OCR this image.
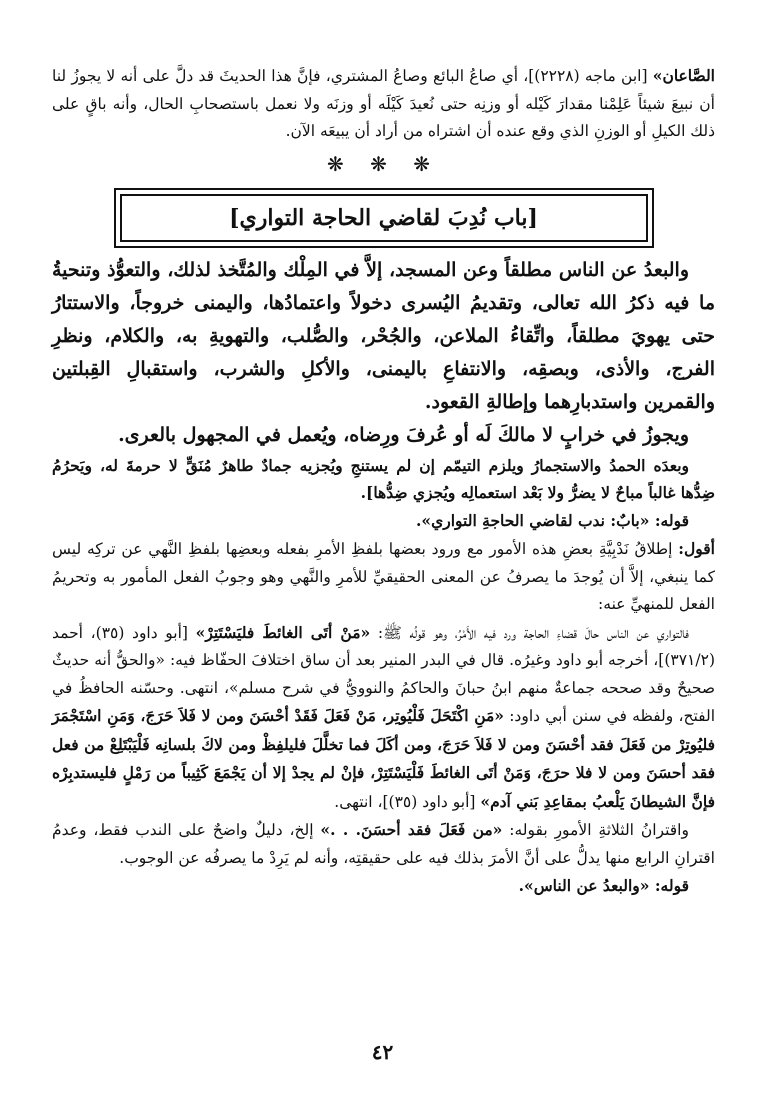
الصَّاعان» [ابن ماجه (٢٢٢٨)]، أي صاعُ البائع وصاعُ المشتري، فإنَّ هذا الحديثَ قد دلَّ على أنه لا يجوزُ لنا أن نبيعَ شيئاً عَلِمْنا مقدارَ كَيْله أو وزنِه حتى نُعيدَ كَيْلَه أو وزنَه ولا نعمل باستصحابِ الحال، وأنه باقٍ على ذلك الكيلِ أو الوزنِ الذي وقع عنده أن اشتراه من أراد أن يبيعَه الآن.

❋ ❋ ❋
[باب نُدِبَ لقاضي الحاجة التواري]

والبعدُ عن الناس مطلقاً وعن المسجد، إلاَّ في المِلْك والمُتَّخذ لذلك، والتعوُّذ وتنحيةُ ما فيه ذكرُ الله تعالى، وتقديمُ اليُسرى دخولاً واعتمادُها، واليمنى خروجاً، والاستتارُ حتى يهويَ مطلقاً، واتِّقاءُ الملاعن، والجُحْر، والصُّلب، والتهويةِ به، والكلام، ونظرِ الفرج، والأذى، وبصقِه، والانتفاعِ باليمنى، والأكلِ والشرب، واستقبالِ القِبلتين والقمرين واستدبارِهما وإطالةِ القعود.

ويجوزُ في خرابٍ لا مالكَ لَه أو عُرفَ ورِضاه، ويُعمل في المجهول بالعرى.

وبعدَه الحمدُ والاستجمارُ ويلزم التيمّم إن لم يستنجِ ويُجزيه جمادٌ طاهرٌ مُنَقٍّ لا حرمةَ له، ويَحرُمُ ضِدُّها غالباً مباحٌ لا يضرُّ ولا بَعْد استعمالِه ويُجزي ضِدُّها].

قوله: «بابٌ: ندب لقاضي الحاجةِ التواري».

أقول: إطلاقُ نَدْبِيَّةِ بعضِ هذه الأمور مع ورود بعضها بلفظِ الأمرِ بفعله وبعضِها بلفظِ النَّهي عن تركِه ليس كما ينبغي، إلاَّ أن يُوجدَ ما يصرفُ عن المعنى الحقيقيِّ للأمرِ والنَّهي وهو وجوبُ الفعل المأمور به وتحريمُ الفعل للمنهيِّ عنه:

فالتواري عن الناس حالَ قضاءِ الحاجة ورد فيه الأَمْرُ، وهو قولُه ﷺ: «مَنْ أتَى الغائطَ فليَسْتَتِرْ» [أبو داود (٣٥)، أحمد (٣٧١/٢)]، أخرجه أبو داود وغيرُه. قال في البدر المنير بعد أن ساق اختلافَ الحفّاظ فيه: «والحقُّ أنه حديثٌ صحيحٌ وقد صححه جماعةٌ منهم ابنُ حبانَ والحاكمُ والنوويُّ في شرح مسلم»، انتهى. وحسّنه الحافظُ في الفتح، ولفظه في سنن أبي داود: «مَنِ اكْتَحَلَ فَلْيُوتِر، مَنْ فَعَلَ فَقَدْ أحْسَنَ ومن لا فَلاَ حَرَجَ، وَمَنِ اسْتَجْمَرَ فليُوتِرْ من فَعَلَ فقد أحْسَنَ ومن لا فَلاَ حَرَجَ، ومن أكَلَ فما تخلَّلَ فليلفِظْ ومن لاكَ بلسانِه فَلْيَبْتَلِعْ من فعل فقد أحسَنَ ومن لا فلا حرَجَ، وَمَنْ أتَى الغائطَ فَلْيَسْتَتِرْ، فإنْ لم يجدْ إلا أن يَجْمَعَ كَثِيباً من رَمْلٍ فليستدبِرْه فإنَّ الشيطانَ يَلْعبُ بمقاعِدِ بَني آدم» [أبو داود (٣٥)]، انتهى.

واقترانُ الثلاثةِ الأمورِ بقوله: «من فَعَلَ فقد أحسَنَ. . .» إلخ، دليلٌ واضحٌ على الندب فقط، وعدمُ اقترانِ الرابع منها يدلُّ على أنَّ الأمرَ بذلك فيه على حقيقتِه، وأنه لم يَرِدْ ما يصرفُه عن الوجوب.

قوله: «والبعدُ عن الناس».

٤٢
